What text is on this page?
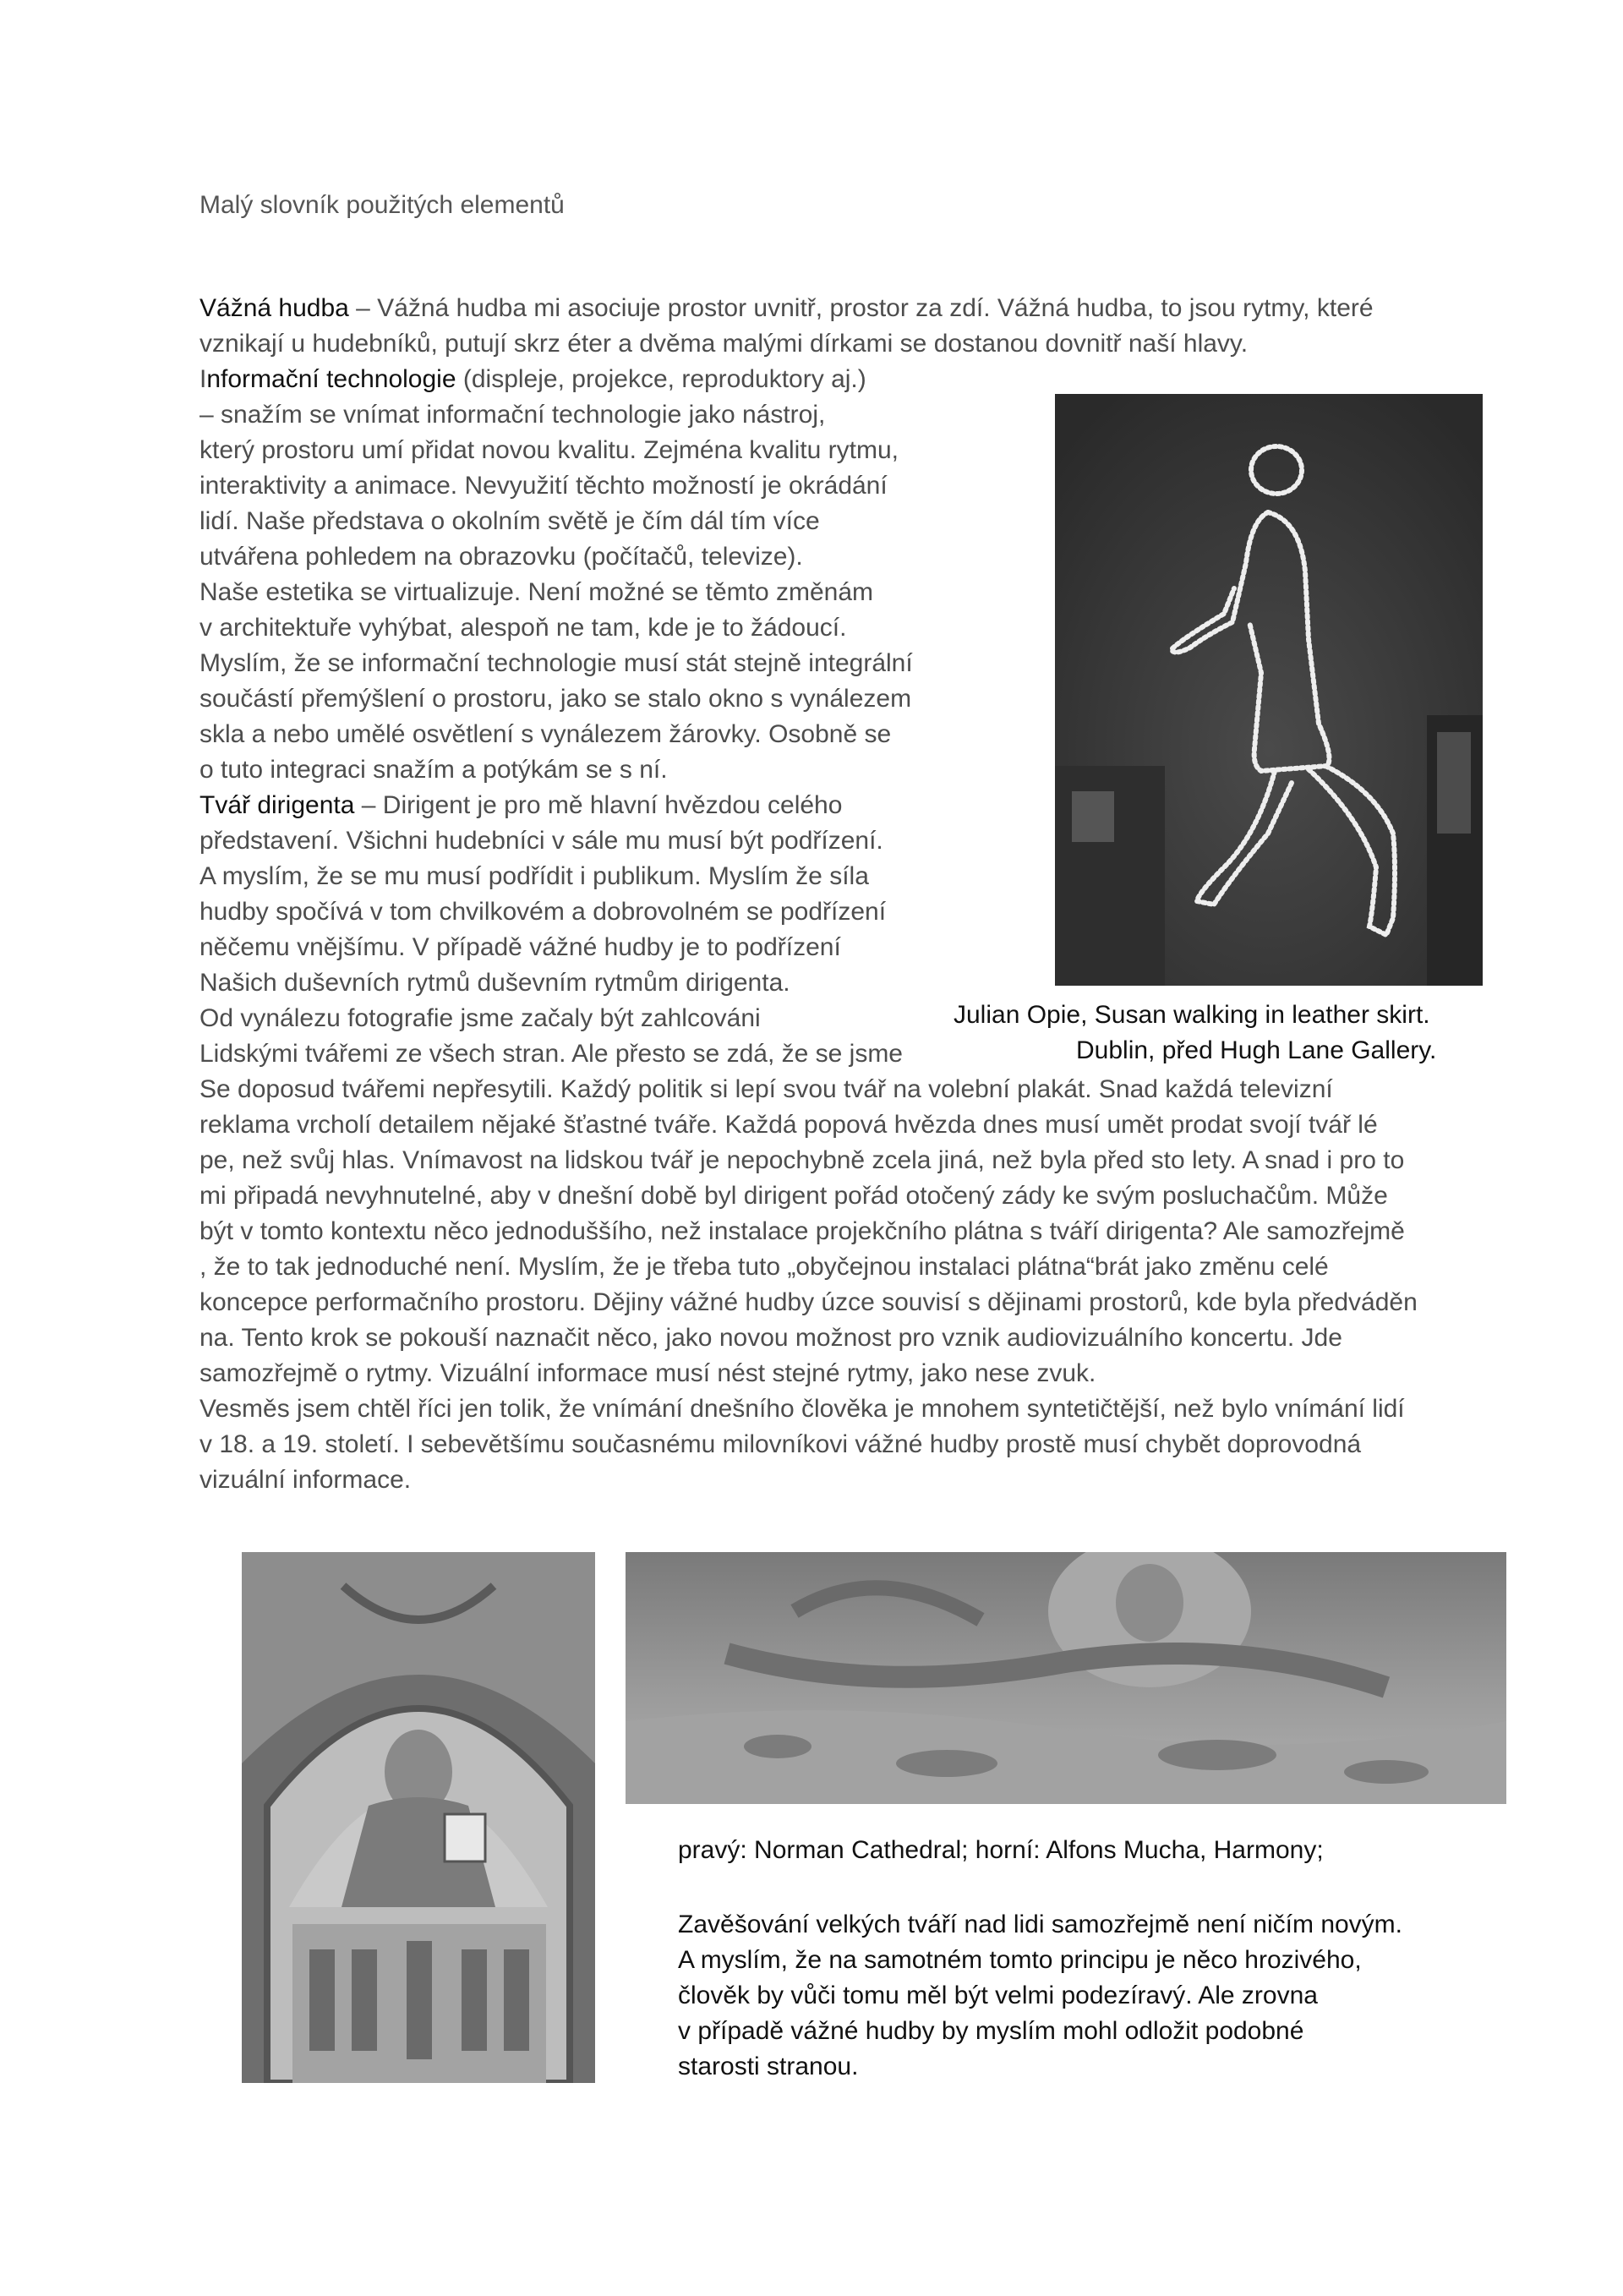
Malý slovník použitých elementů
Vážná hudba – Vážná hudba mi asociuje prostor uvnitř, prostor za zdí. Vážná hudba, to jsou rytmy, které
vznikají u hudebníků, putují skrz éter a dvěma malými dírkami se dostanou dovnitř naší hlavy.
Informační technologie (displeje, projekce, reproduktory aj.)
– snažím se vnímat informační technologie jako nástroj,
který prostoru umí přidat novou kvalitu. Zejména kvalitu rytmu,
interaktivity a animace. Nevyužití těchto možností je okrádání
lidí. Naše představa o okolním světě je čím dál tím více
utvářena pohledem na obrazovku (počítačů, televize).
Naše estetika se virtualizuje. Není možné se těmto změnám
v architektuře vyhýbat, alespoň ne tam, kde je to žádoucí.
Myslím, že se informační technologie musí stát stejně integrální
součástí přemýšlení o prostoru, jako se stalo okno s vynálezem
skla a nebo umělé osvětlení s vynálezem žárovky. Osobně se
o tuto integraci snažím a potýkám se s ní.
Tvář dirigenta – Dirigent je pro mě hlavní hvězdou celého
představení. Všichni hudebníci v sále mu musí být podřízení.
A myslím, že se mu musí podřídit i publikum. Myslím že síla
hudby spočívá v tom chvilkovém a dobrovolném se podřízení
něčemu vnějšímu. V případě vážné hudby je to podřízení
Našich duševních rytmů duševním rytmům dirigenta.
Od vynálezu fotografie jsme začaly být zahlcováni
Lidskými tvářemi ze všech stran. Ale přesto se zdá, že se jsme
Se doposud tvářemi nepřesytili. Každý politik si lepí svou tvář na volební plakát. Snad každá televizní
reklama vrcholí detailem nějaké šťastné tváře. Každá popová hvězda dnes musí umět prodat svojí tvář lé
pe, než svůj hlas. Vnímavost na lidskou tvář je nepochybně zcela jiná, než byla před sto lety. A snad i pro to
mi připadá nevyhnutelné, aby v dnešní době byl dirigent pořád otočený zády ke svým posluchačům. Může
být v tomto kontextu něco jednoduššího, než instalace projekčního plátna s tváří dirigenta? Ale samozřejmě
, že to tak jednoduché není. Myslím, že je třeba tuto „obyčejnou instalaci plátna“brát jako změnu celé
koncepce performačního prostoru. Dějiny vážné hudby úzce souvisí s dějinami prostorů, kde byla předváděn
na. Tento krok se pokouší naznačit něco, jako novou možnost pro vznik audiovizuálního koncertu. Jde
samozřejmě o rytmy. Vizuální informace musí nést stejné rytmy, jako nese zvuk.
Vesměs jsem chtěl říci jen tolik, že vnímání dnešního člověka je mnohem syntetičtější, než bylo vnímání lidí
v 18. a 19. století. I sebevětšímu současnému milovníkovi vážné hudby prostě musí chybět doprovodná
vizuální informace.
Julian Opie, Susan walking in leather skirt.
Dublin, před Hugh Lane Gallery.
pravý: Norman Cathedral; horní: Alfons Mucha, Harmony;
Zavěšování velkých tváří nad lidi samozřejmě není ničím novým.
A myslím, že na samotném tomto principu je něco hrozivého,
člověk by vůči tomu měl být velmi podezíravý. Ale zrovna
v případě vážné hudby by myslím mohl odložit podobné
starosti stranou.
